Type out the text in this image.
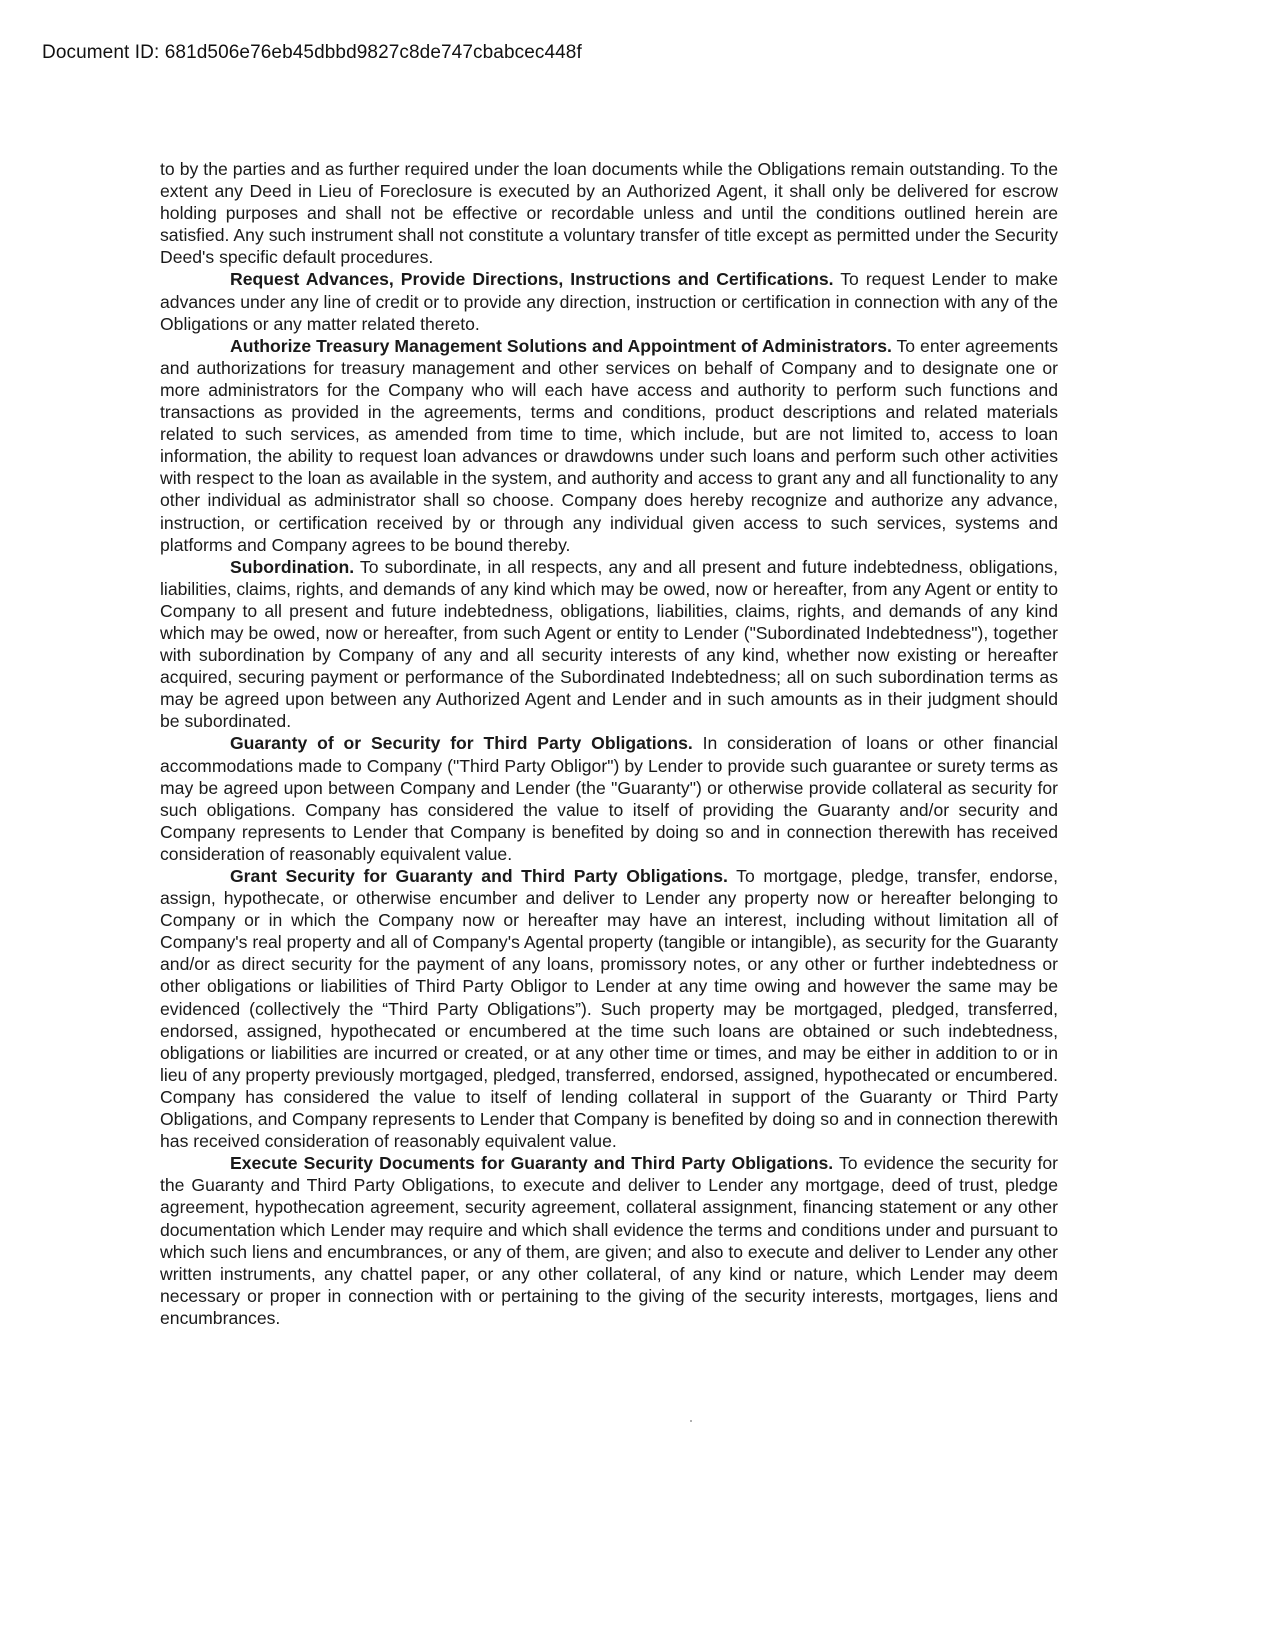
Document ID: 681d506e76eb45dbbd9827c8de747cbabcec448f

to by the parties and as further required under the loan documents while the Obligations remain outstanding. To the extent any Deed in Lieu of Foreclosure is executed by an Authorized Agent, it shall only be delivered for escrow holding purposes and shall not be effective or recordable unless and until the conditions outlined herein are satisfied. Any such instrument shall not constitute a voluntary transfer of title except as permitted under the Security Deed's specific default procedures.

Request Advances, Provide Directions, Instructions and Certifications. To request Lender to make advances under any line of credit or to provide any direction, instruction or certification in connection with any of the Obligations or any matter related thereto.

Authorize Treasury Management Solutions and Appointment of Administrators. To enter agreements and authorizations for treasury management and other services on behalf of Company and to designate one or more administrators for the Company who will each have access and authority to perform such functions and transactions as provided in the agreements, terms and conditions, product descriptions and related materials related to such services, as amended from time to time, which include, but are not limited to, access to loan information, the ability to request loan advances or drawdowns under such loans and perform such other activities with respect to the loan as available in the system, and authority and access to grant any and all functionality to any other individual as administrator shall so choose. Company does hereby recognize and authorize any advance, instruction, or certification received by or through any individual given access to such services, systems and platforms and Company agrees to be bound thereby.

Subordination. To subordinate, in all respects, any and all present and future indebtedness, obligations, liabilities, claims, rights, and demands of any kind which may be owed, now or hereafter, from any Agent or entity to Company to all present and future indebtedness, obligations, liabilities, claims, rights, and demands of any kind which may be owed, now or hereafter, from such Agent or entity to Lender ("Subordinated Indebtedness"), together with subordination by Company of any and all security interests of any kind, whether now existing or hereafter acquired, securing payment or performance of the Subordinated Indebtedness; all on such subordination terms as may be agreed upon between any Authorized Agent and Lender and in such amounts as in their judgment should be subordinated.

Guaranty of or Security for Third Party Obligations. In consideration of loans or other financial accommodations made to Company ("Third Party Obligor") by Lender to provide such guarantee or surety terms as may be agreed upon between Company and Lender (the "Guaranty") or otherwise provide collateral as security for such obligations. Company has considered the value to itself of providing the Guaranty and/or security and Company represents to Lender that Company is benefited by doing so and in connection therewith has received consideration of reasonably equivalent value.

Grant Security for Guaranty and Third Party Obligations. To mortgage, pledge, transfer, endorse, assign, hypothecate, or otherwise encumber and deliver to Lender any property now or hereafter belonging to Company or in which the Company now or hereafter may have an interest, including without limitation all of Company's real property and all of Company's Agental property (tangible or intangible), as security for the Guaranty and/or as direct security for the payment of any loans, promissory notes, or any other or further indebtedness or other obligations or liabilities of Third Party Obligor to Lender at any time owing and however the same may be evidenced (collectively the “Third Party Obligations”). Such property may be mortgaged, pledged, transferred, endorsed, assigned, hypothecated or encumbered at the time such loans are obtained or such indebtedness, obligations or liabilities are incurred or created, or at any other time or times, and may be either in addition to or in lieu of any property previously mortgaged, pledged, transferred, endorsed, assigned, hypothecated or encumbered. Company has considered the value to itself of lending collateral in support of the Guaranty or Third Party Obligations, and Company represents to Lender that Company is benefited by doing so and in connection therewith has received consideration of reasonably equivalent value.

Execute Security Documents for Guaranty and Third Party Obligations. To evidence the security for the Guaranty and Third Party Obligations, to execute and deliver to Lender any mortgage, deed of trust, pledge agreement, hypothecation agreement, security agreement, collateral assignment, financing statement or any other documentation which Lender may require and which shall evidence the terms and conditions under and pursuant to which such liens and encumbrances, or any of them, are given; and also to execute and deliver to Lender any other written instruments, any chattel paper, or any other collateral, of any kind or nature, which Lender may deem necessary or proper in connection with or pertaining to the giving of the security interests, mortgages, liens and encumbrances.
